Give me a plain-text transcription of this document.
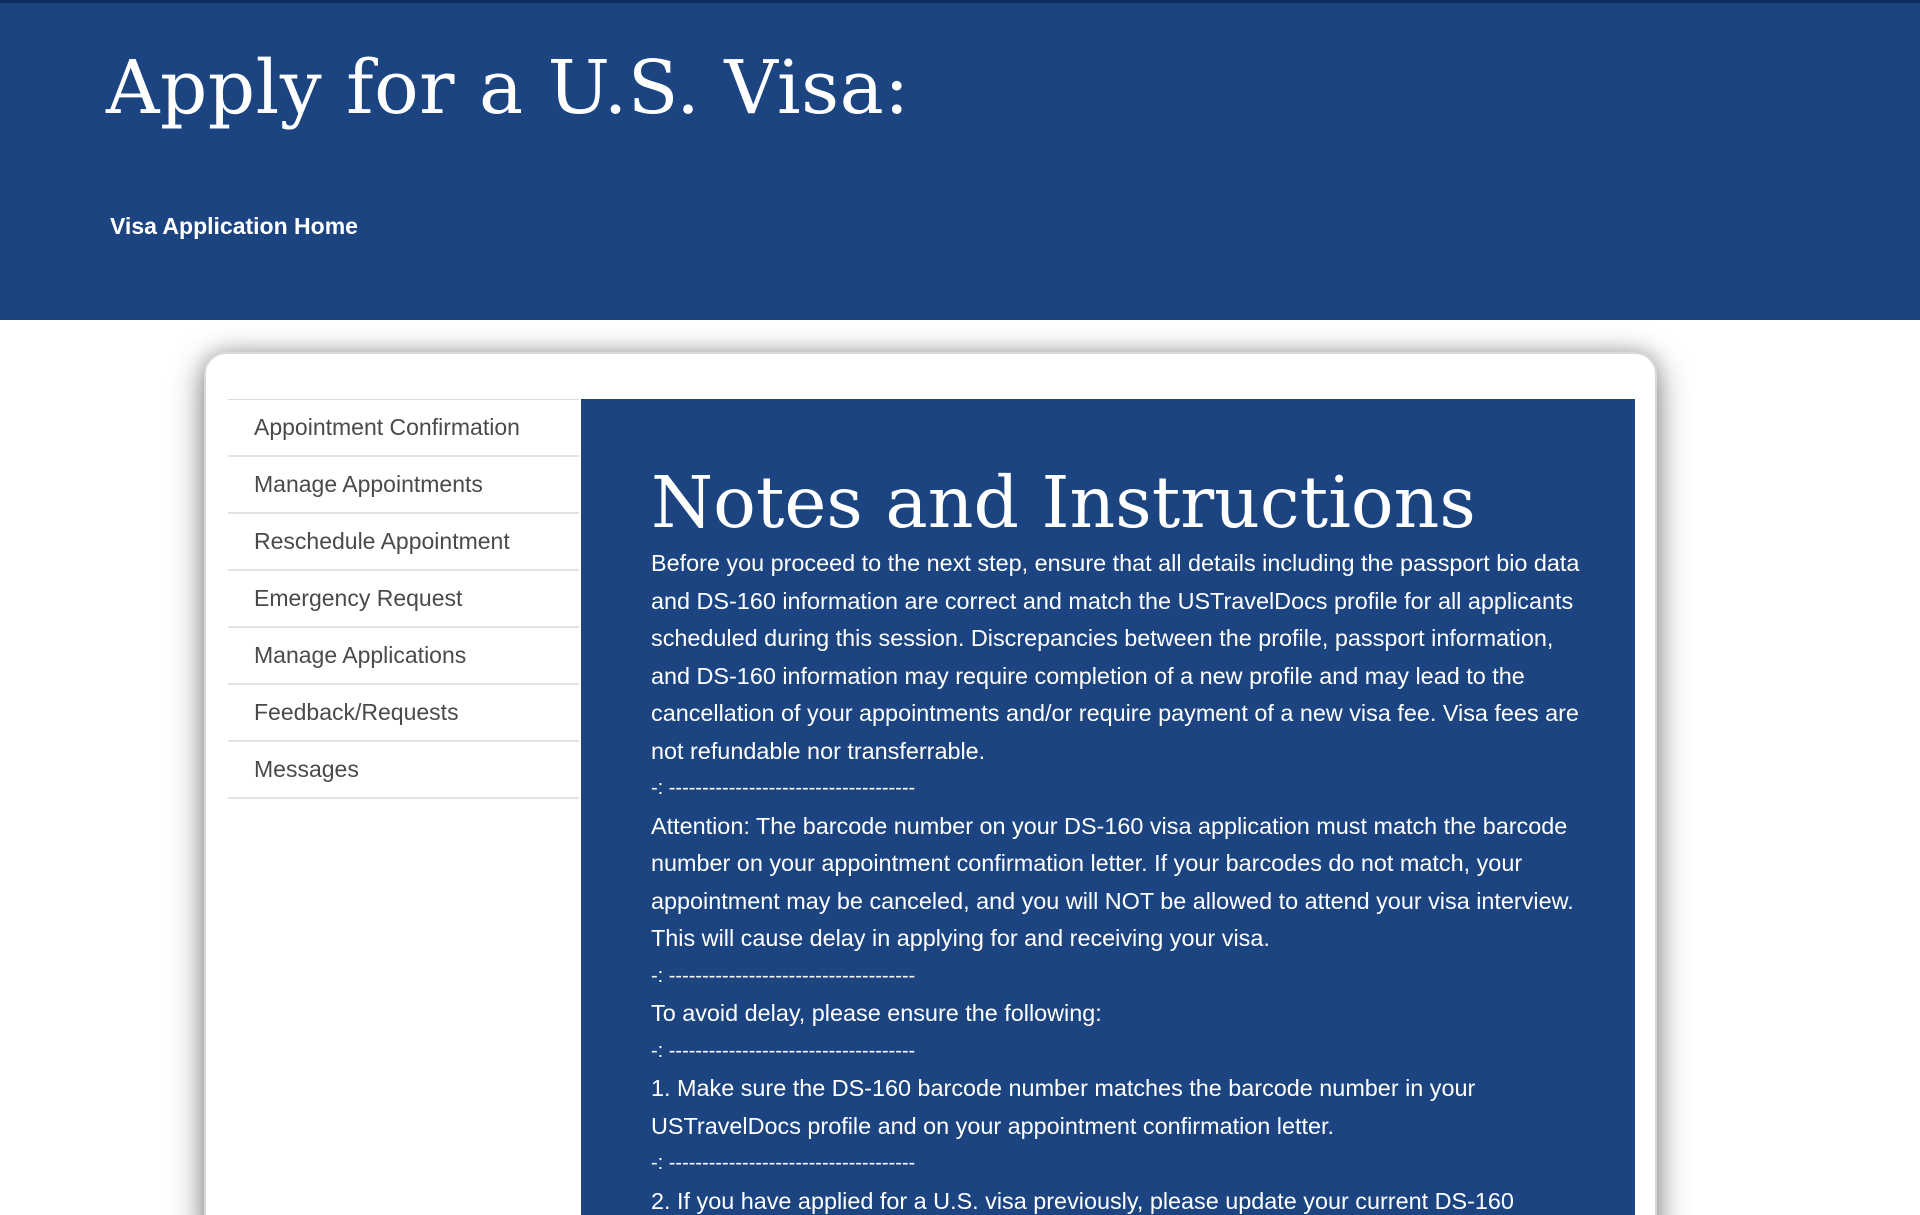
Apply for a U.S. Visa:
Visa Application Home
Appointment Confirmation
Manage Appointments
Reschedule Appointment
Emergency Request
Manage Applications
Feedback/Requests
Messages
Notes and Instructions

Before you proceed to the next step, ensure that all details including the passport bio data and DS-160 information are correct and match the USTravelDocs profile for all applicants scheduled during this session. Discrepancies between the profile, passport information, and DS-160 information may require completion of a new profile and may lead to the cancellation of your appointments and/or require payment of a new visa fee. Visa fees are not refundable nor transferrable.

-: -------------------------------------

Attention: The barcode number on your DS-160 visa application must match the barcode number on your appointment confirmation letter. If your barcodes do not match, your appointment may be canceled, and you will NOT be allowed to attend your visa interview. This will cause delay in applying for and receiving your visa.

-: -------------------------------------

To avoid delay, please ensure the following:

-: -------------------------------------

1. Make sure the DS-160 barcode number matches the barcode number in your USTravelDocs profile and on your appointment confirmation letter.

-: -------------------------------------

2. If you have applied for a U.S. visa previously, please update your current DS-160
